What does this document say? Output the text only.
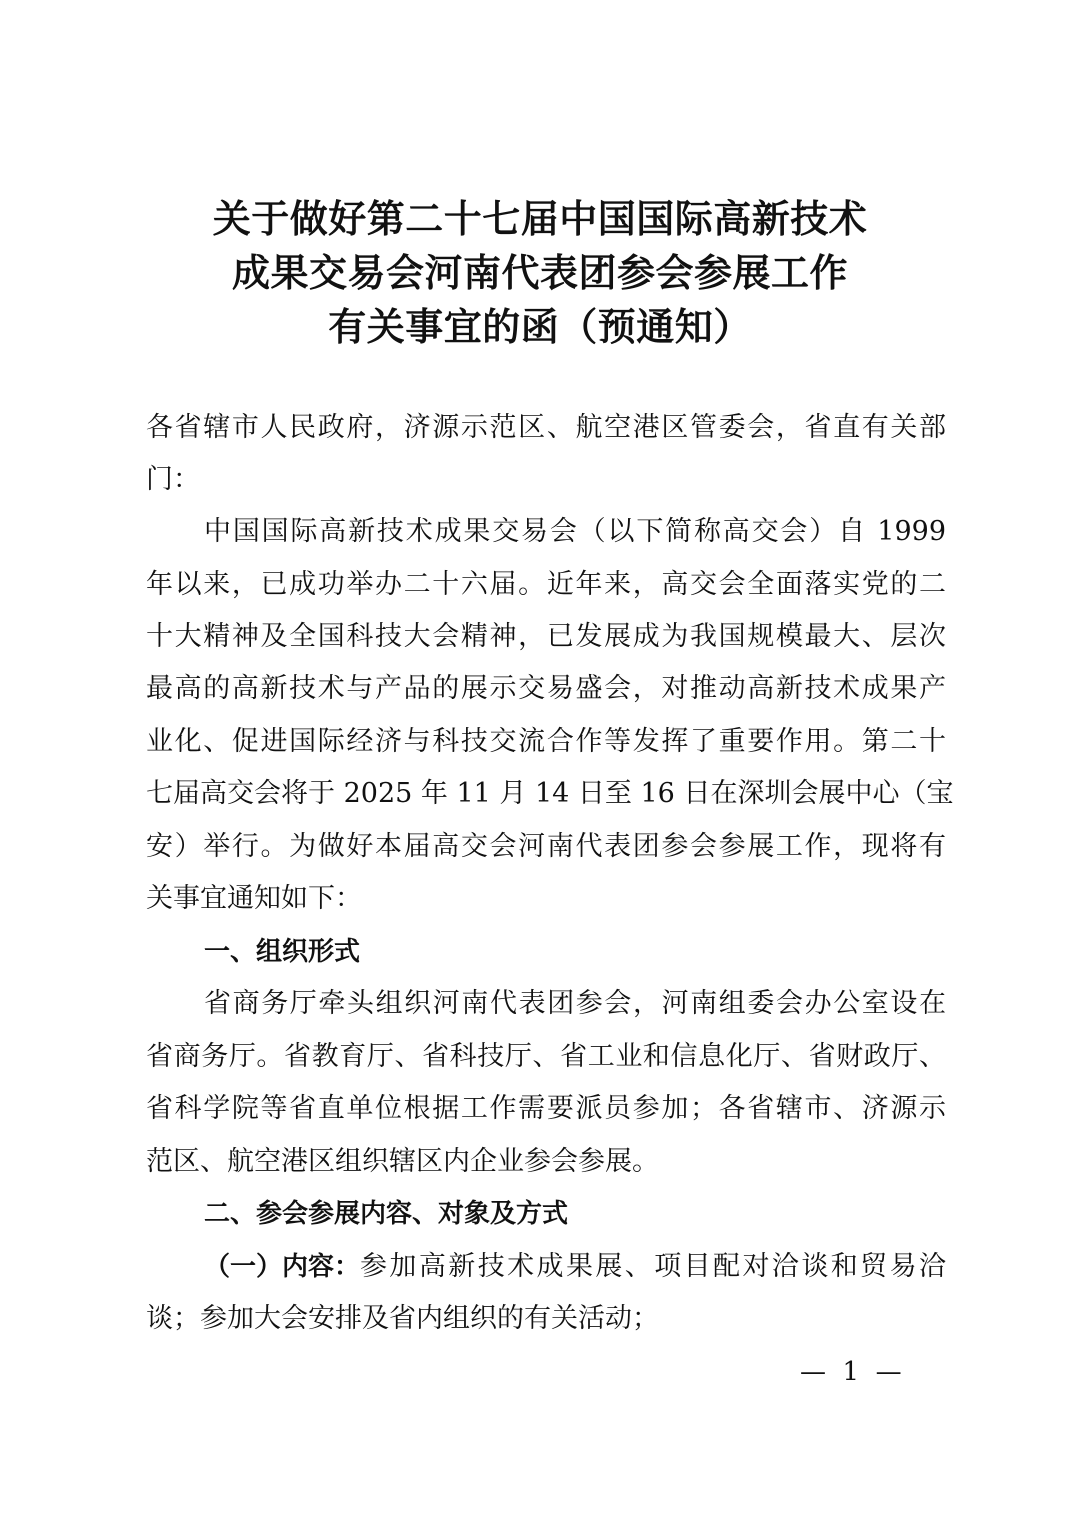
关于做好第二十七届中国国际高新技术
成果交易会河南代表团参会参展工作
有关事宜的函（预通知）
各省辖市人民政府，济源示范区、航空港区管委会，省直有关部
门：
中国国际高新技术成果交易会（以下简称高交会）自 1999
年以来，已成功举办二十六届。近年来，高交会全面落实党的二
十大精神及全国科技大会精神，已发展成为我国规模最大、层次
最高的高新技术与产品的展示交易盛会，对推动高新技术成果产
业化、促进国际经济与科技交流合作等发挥了重要作用。第二十
七届高交会将于 2025 年 11 月 14 日至 16 日在深圳会展中心（宝
安）举行。为做好本届高交会河南代表团参会参展工作，现将有
关事宜通知如下：
一、组织形式
省商务厅牵头组织河南代表团参会，河南组委会办公室设在
省商务厅。省教育厅、省科技厅、省工业和信息化厅、省财政厅、
省科学院等省直单位根据工作需要派员参加；各省辖市、济源示
范区、航空港区组织辖区内企业参会参展。
二、参会参展内容、对象及方式
（一）内容： 参加高新技术成果展、项目配对洽谈和贸易洽
谈；参加大会安排及省内组织的有关活动；
—  1  —
